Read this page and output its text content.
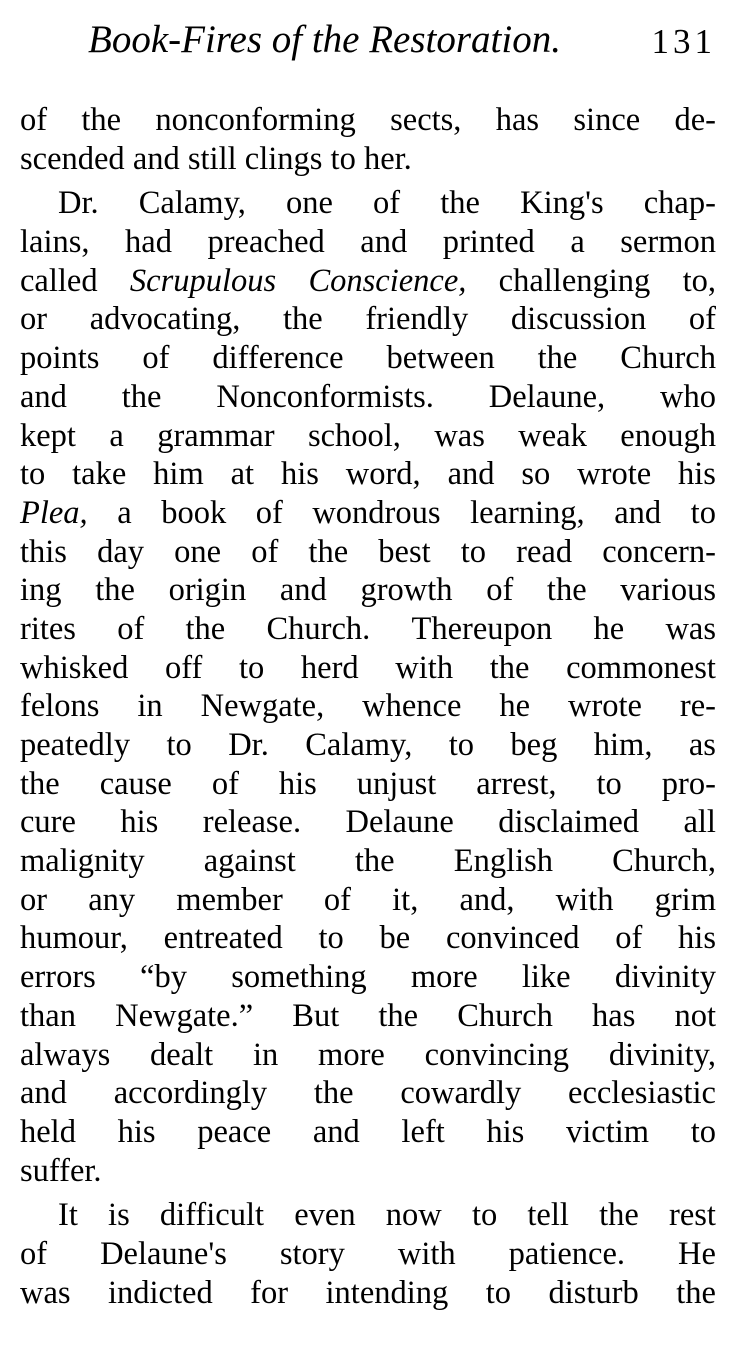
Book-Fires of the Restoration.	131
of the nonconforming sects, has since de-
scended
and
still
clings
to
her.
Dr. Calamy, one of the King's chap-
lains, had preached and printed a sermon
called Scrupulous Conscience, challenging to,
or advocating, the friendly discussion of
points of difference between the Church
and the Nonconformists. Delaune, who
kept a grammar school, was weak enough
to take him at his word, and so wrote his
Plea, a book of wondrous learning, and to
this day one of the best to read concern-
ing the origin and growth of the various
rites of the Church. Thereupon he was
whisked off to herd with the commonest
felons in Newgate, whence he wrote re-
peatedly to Dr. Calamy, to beg him, as
the cause of his unjust arrest, to pro-
cure his release. Delaune disclaimed all
malignity against the English Church,
or any member of it, and, with grim
humour, entreated to be convinced of his
errors “by something more like divinity
than Newgate.” But the Church has not
always dealt in more convincing divinity,
and accordingly the cowardly ecclesiastic
held his peace and left his victim to
suffer.
It is difficult even now to tell the rest
of Delaune's story with patience. He
was indicted for intending to disturb the
